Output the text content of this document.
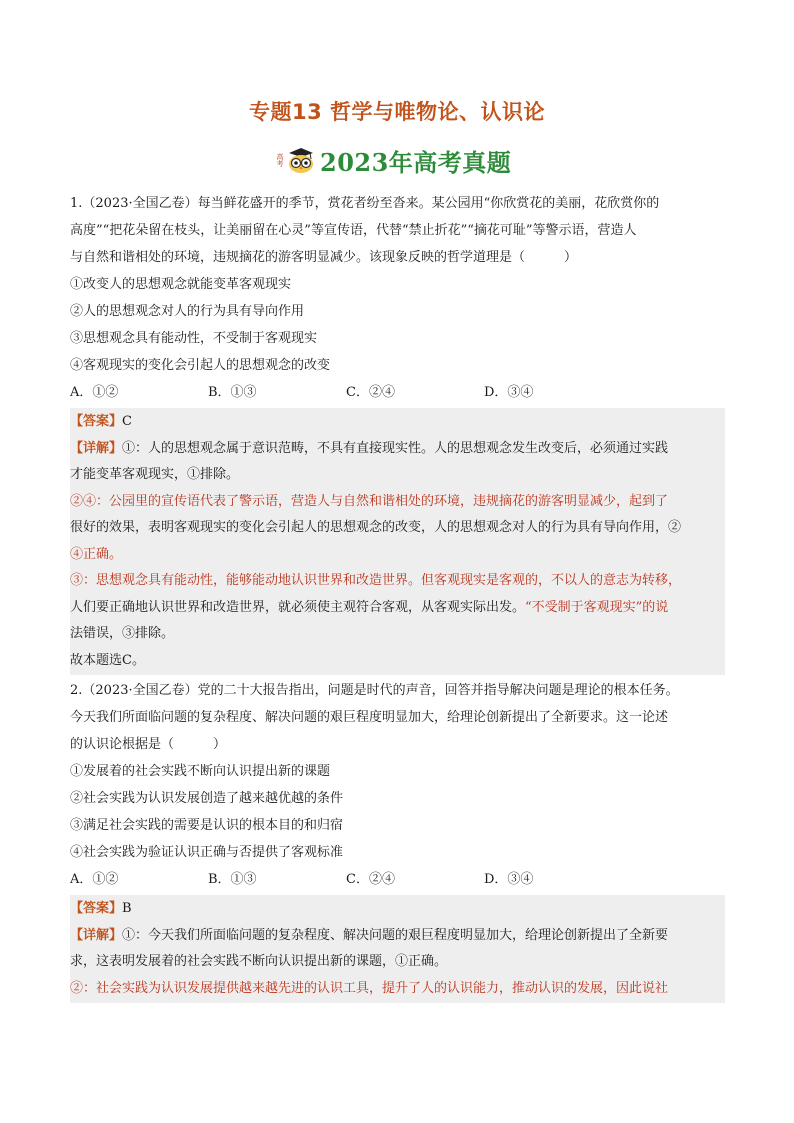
专题13 哲学与唯物论、认识论
高考 2023年高考真题

1.（2023·全国乙卷）每当鲜花盛开的季节，赏花者纷至沓来。某公园用“你欣赏花的美丽，花欣赏你的

高度”“把花朵留在枝头，让美丽留在心灵”等宣传语，代替“禁止折花”“摘花可耻”等警示语，营造人

与自然和谐相处的环境，违规摘花的游客明显减少。该现象反映的哲学道理是（　　　）

①改变人的思想观念就能变革客观现实

②人的思想观念对人的行为具有导向作用

③思想观念具有能动性，不受制于客观现实

④客观现实的变化会引起人的思想观念的改变

A．①②	B．①③	C．②④	D．③④
【答案】C
【详解】①：人的思想观念属于意识范畴，不具有直接现实性。人的思想观念发生改变后，必须通过实践
才能变革客观现实，①排除。
②④：公园里的宣传语代表了警示语，营造人与自然和谐相处的环境，违规摘花的游客明显减少，起到了
很好的效果，表明客观现实的变化会引起人的思想观念的改变，人的思想观念对人的行为具有导向作用，②
④正确。
③：思想观念具有能动性，能够能动地认识世界和改造世界。但客观现实是客观的，不以人的意志为转移，
人们要正确地认识世界和改造世界，就必须使主观符合客观，从客观实际出发。“不受制于客观现实”的说
法错误，③排除。
故本题选C。

2.（2023·全国乙卷）党的二十大报告指出，问题是时代的声音，回答并指导解决问题是理论的根本任务。

今天我们所面临问题的复杂程度、解决问题的艰巨程度明显加大，给理论创新提出了全新要求。这一论述

的认识论根据是（　　　）

①发展着的社会实践不断向认识提出新的课题

②社会实践为认识发展创造了越来越优越的条件

③满足社会实践的需要是认识的根本目的和归宿

④社会实践为验证认识正确与否提供了客观标准

A．①②	B．①③	C．②④	D．③④
【答案】B
【详解】①：今天我们所面临问题的复杂程度、解决问题的艰巨程度明显加大，给理论创新提出了全新要
求，这表明发展着的社会实践不断向认识提出新的课题，①正确。
②：社会实践为认识发展提供越来越先进的认识工具，提升了人的认识能力，推动认识的发展，因此说社
